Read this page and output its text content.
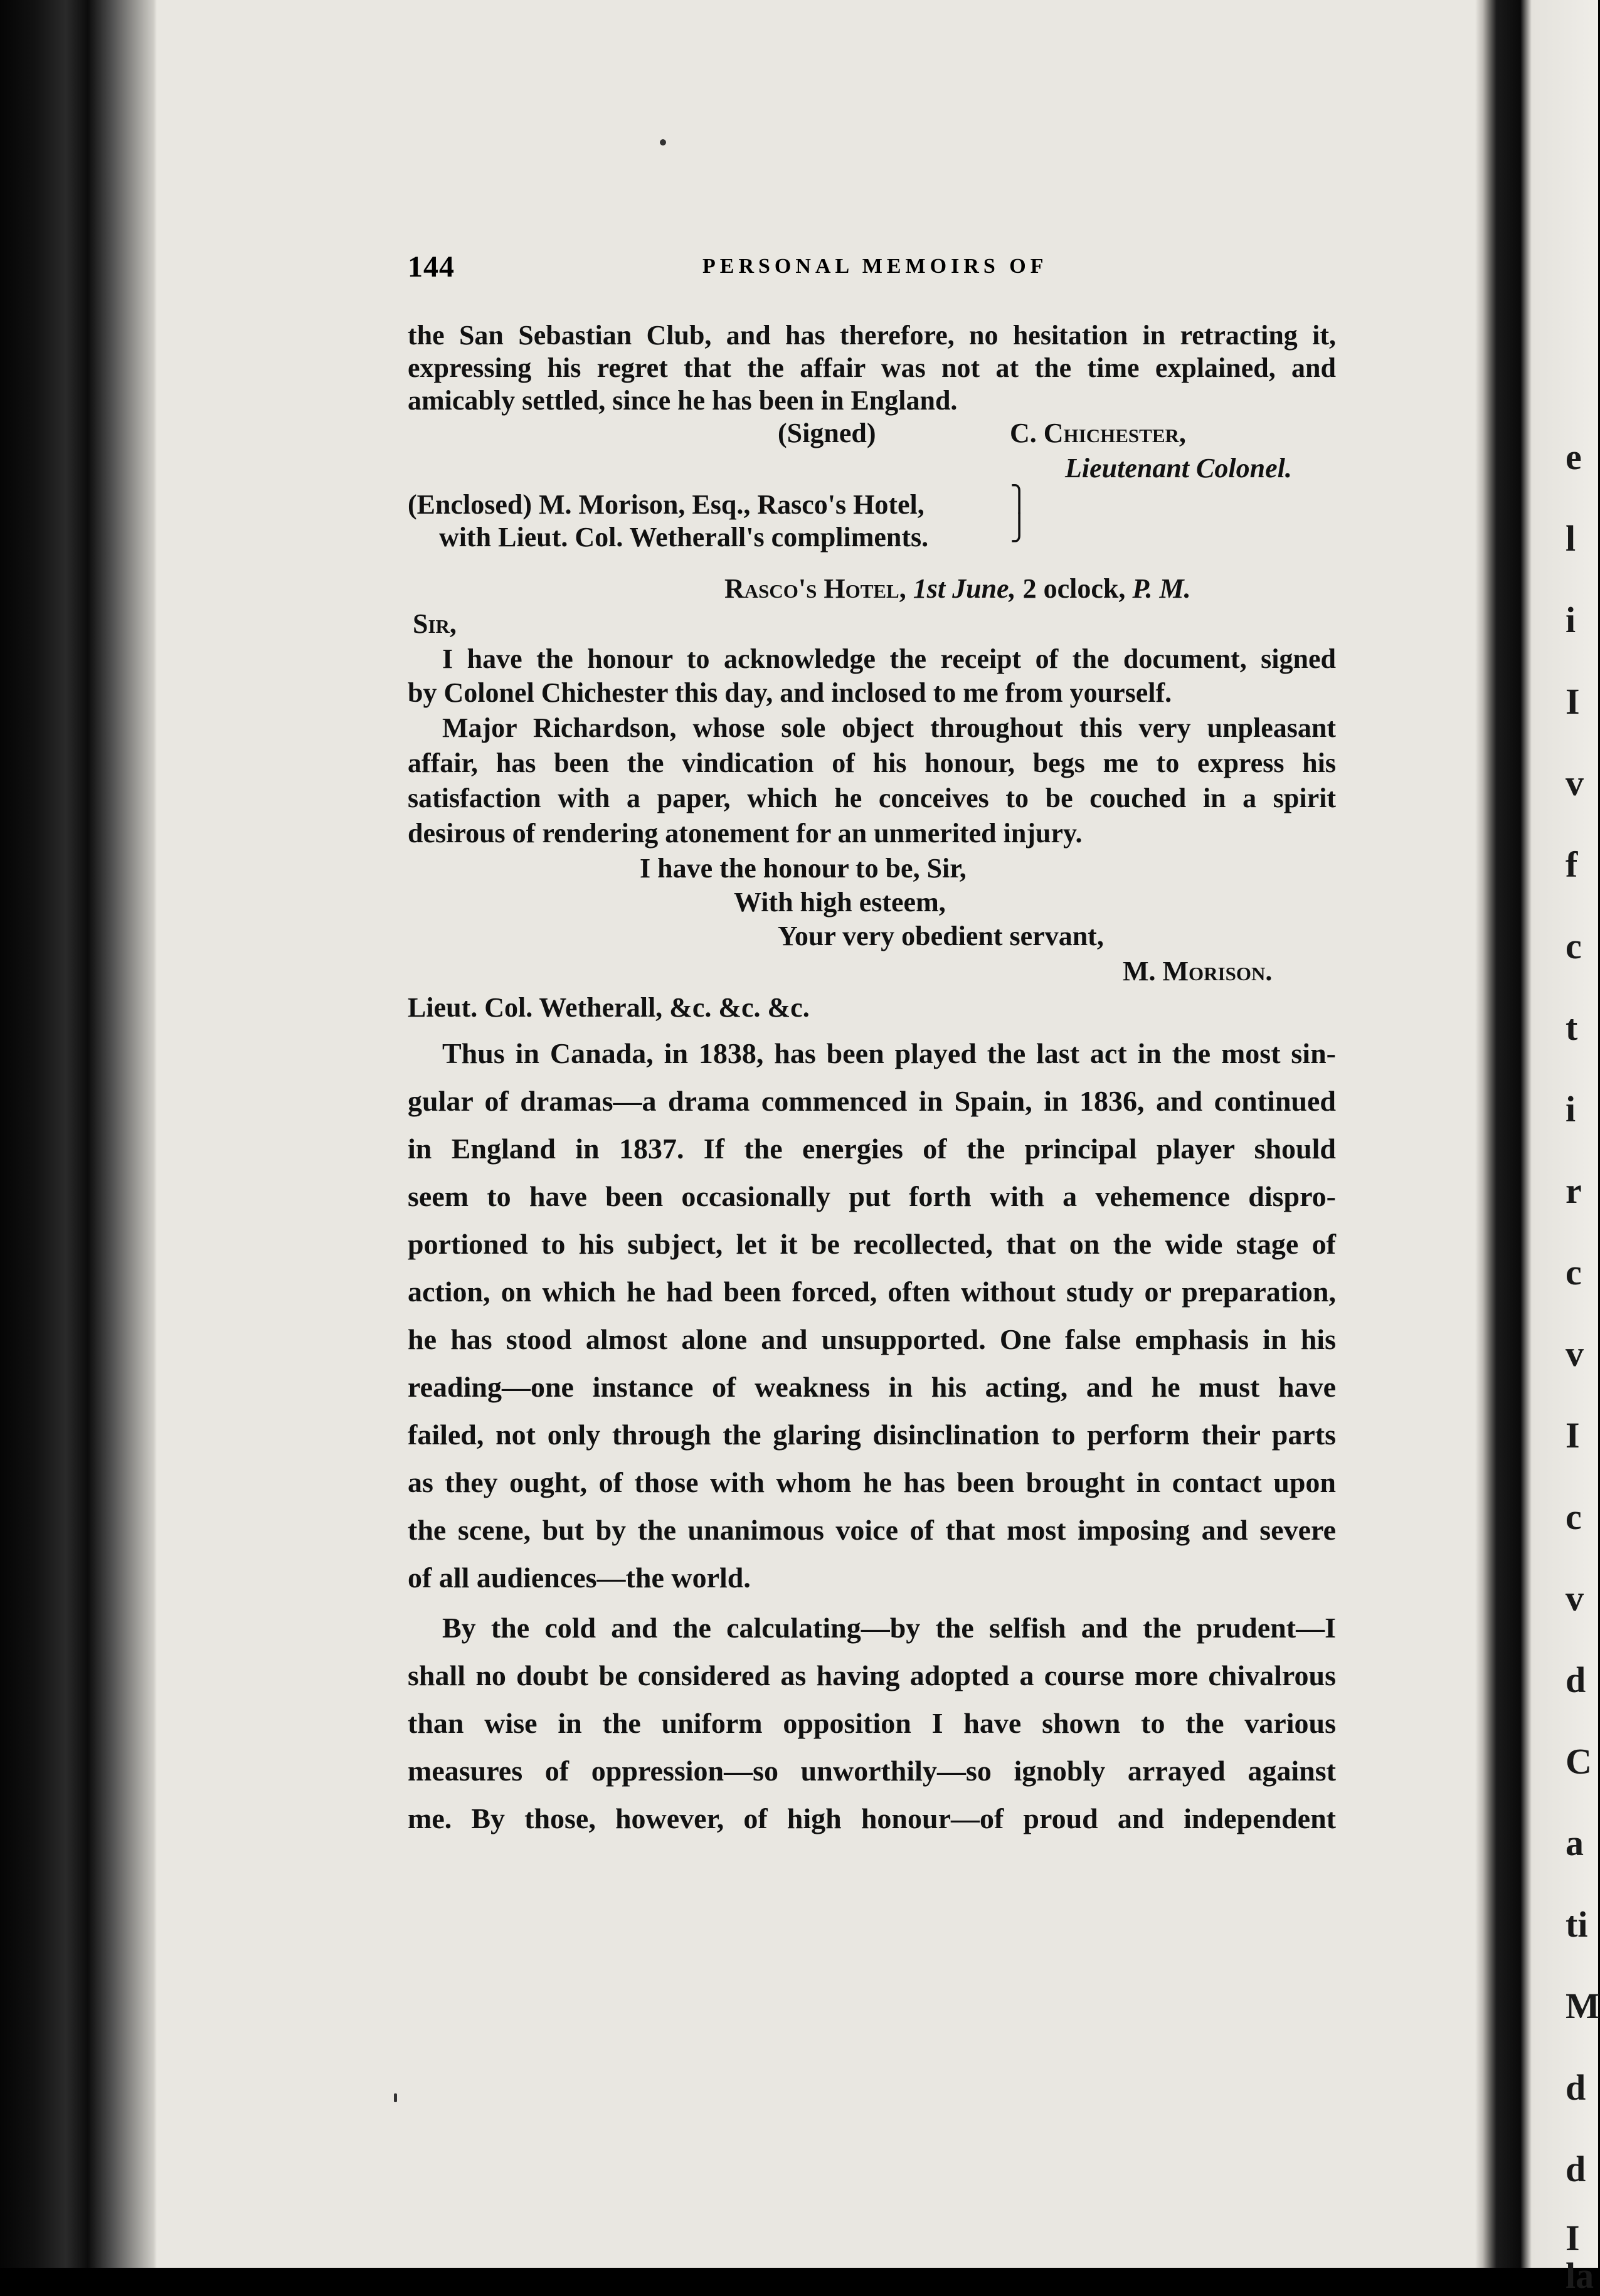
144	PERSONAL MEMOIRS OF
the San Sebastian Club, and has therefore, no hesitation in retracting it,
expressing his regret that the affair was not at the time explained, and
amicably settled, since he has been in England.
(Signed)	C. Chichester,
Lieutenant Colonel.
(Enclosed) M. Morison, Esq., Rasco's Hotel,
with Lieut. Col. Wetherall's compliments.
⎫
⎭
Rasco's Hotel, 1st June, 2 oclock, P. M.
Sir,
I have the honour to acknowledge the receipt of the document, signed
by Colonel Chichester this day, and inclosed to me from yourself.
Major Richardson, whose sole object throughout this very unpleasant
affair, has been the vindication of his honour, begs me to express his
satisfaction with a paper, which he conceives to be couched in a spirit
desirous of rendering atonement for an unmerited injury.
I have the honour to be, Sir,
With high esteem,
Your very obedient servant,
M. Morison.
Lieut. Col. Wetherall, &c. &c. &c.
Thus in Canada, in 1838, has been played the last act in the most sin-
gular of dramas—a drama commenced in Spain, in 1836, and continued
in England in 1837. If the energies of the principal player should
seem to have been occasionally put forth with a vehemence dispro-
portioned to his subject, let it be recollected, that on the wide stage of
action, on which he had been forced, often without study or preparation,
he has stood almost alone and unsupported. One false emphasis in his
reading—one instance of weakness in his acting, and he must have
failed, not only through the glaring disinclination to perform their parts
as they ought, of those with whom he has been brought in contact upon
the scene, but by the unanimous voice of that most imposing and severe
of all audiences—the world.
By the cold and the calculating—by the selfish and the prudent—I
shall no doubt be considered as having adopted a course more chivalrous
than wise in the uniform opposition I have shown to the various
measures of oppression—so unworthily—so ignobly arrayed against
me. By those, however, of high honour—of proud and independent
e
l
i
I
v
f
c
t
i
r
c
v
I
c
v
d
C
a
ti
M
d
d
I
la
